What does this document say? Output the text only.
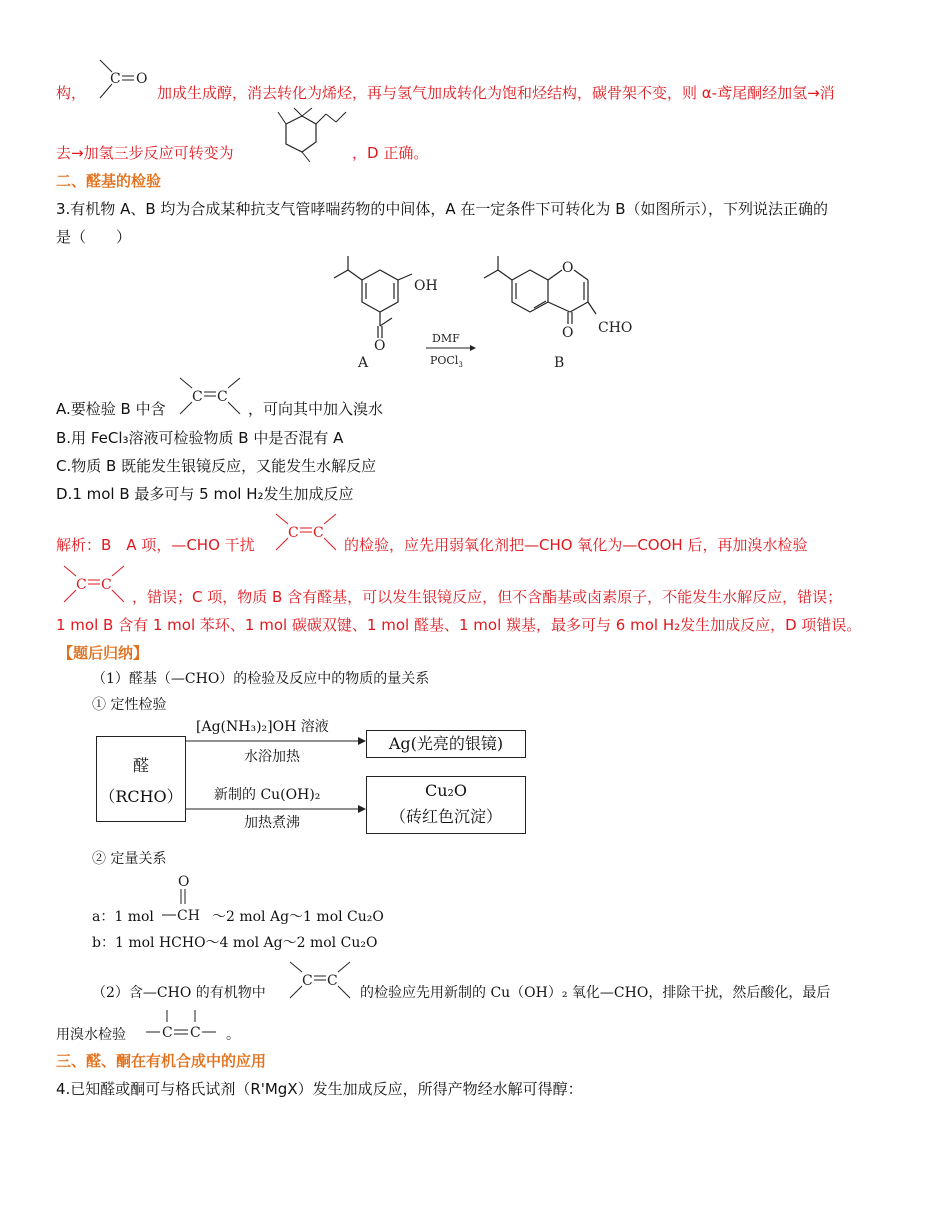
构，
C O
加成生成醇，消去转化为烯烃，再与氢气加成转化为饱和烃结构，碳骨架不变，则 α-鸢尾酮经加氢→消
去→加氢三步反应可转变为	，D 正确。
二、醛基的检验
3.有机物 A、B 均为合成某种抗支气管哮喘药物的中间体，A 在一定条件下可转化为 B（如图所示），下列说法正确的
是（　　）
OH
O
A
DMF
POCl$_3$
O
O CHO
B
A.要检验 B 中含
C C
，可向其中加入溴水
B.用 FeCl₃溶液可检验物质 B 中是否混有 A
C.物质 B 既能发生银镜反应，又能发生水解反应
D.1 mol B 最多可与 5 mol H₂发生加成反应
解析：B　A 项，—CHO 干扰
C C
的检验，应先用弱氧化剂把—CHO 氧化为—COOH 后，再加溴水检验
C C
，错误；C 项，物质 B 含有醛基，可以发生银镜反应，但不含酯基或卤素原子，不能发生水解反应，错误；
1 mol B 含有 1 mol 苯环、1 mol 碳碳双键、1 mol 醛基、1 mol 羰基，最多可与 6 mol H₂发生加成反应，D 项错误。
【题后归纳】
（1）醛基（—CHO）的检验及反应中的物质的量关系
① 定性检验
醛
（RCHO）
[Ag(NH₃)₂]OH 溶液
水浴加热
Ag(光亮的银镜)
新制的 Cu(OH)₂
加热煮沸
Cu₂O
（砖红色沉淀）
② 定量关系
a：1 mol
O
CH ～2 mol Ag～1 mol Cu₂O
b：1 mol HCHO～4 mol Ag～2 mol Cu₂O
（2）含—CHO 的有机物中
C C
的检验应先用新制的 Cu（OH）₂ 氧化—CHO，排除干扰，然后酸化，最后
用溴水检验	C C 。
三、醛、酮在有机合成中的应用
4.已知醛或酮可与格氏试剂（R'MgX）发生加成反应，所得产物经水解可得醇：
